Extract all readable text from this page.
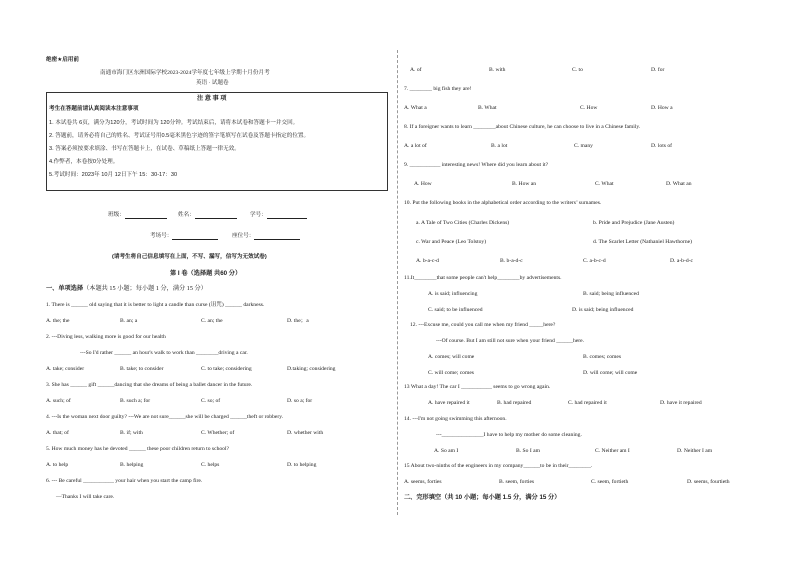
绝密★启用前
南通市海门区东洲国际学校2023-2024学年度七年级上学期十月份月考
英语 · 试题卷
注 意 事 项
考生在答题前请认真阅读本注意事项
1. 本试卷共 6页，满分为120分，考试时间为 120分钟。考试结束后，请将本试卷和答题卡一并交回。
2. 答题前，请务必将自己的姓名、考试证号用0.5毫米黑色字迹的签字笔填写在试卷及答题卡指定的位置。
3. 答案必须按要求填涂、书写在答题卡上，在试卷、草稿纸上答题一律无效。
4.作弊者，本卷按0分处理。
5.考试时间：2023年 10月 12日下午 15：30-17：30
班级：	姓名：	学号：
考场号：	座位号：
(请考生将自己信息填写在上面，不写、漏写，信写为无效试卷)
第 I 卷（选择题 共60 分）
一、单项选择（本题共 15 小题；每小题 1 分，满分 15 分）
1. There is ______ old saying that it is better to light a candle than curse (诅咒) ______ darkness.
A. the; the	B. an; a	C. an; the	D. the；a
2. ---Diving less, walking more is good for our health
---So I'd rather ______ an hour's walk to work than ________driving a car.
A. take; consider	B. take; to consider	C. to take; considering	D.taking; considering
3. She has ______ gift ______dancing that she dreams of being a ballet dancer in the future.
A. such; of	B. such a; for	C. so; of	D. so a; for
4. ---Is the woman next door guilty? ---We are not sure______she will be charged ______theft or robbery.
A. that; of	B. if; with	C. Whether; of	D. whether with
5. How much money has he devoted ______ these poor children return to school?
A. to help	B. helping	C. helps	D. to helping
6. --- Be careful ___________ your hair when you start the camp fire.
—Thanks I will take care.
A. of	B. with	C. to	D. for
7. ________ big fish they are!
A. What a	B. What	C. How	D. How a
8. If a foreigner wants to learn ________about Chinese culture, he can choose to live in a Chinese family.
A. a lot of	B. a lot	C. many	D. lots of
9. ___________ interesting news! Where did you learn about it?
A. How	B. How an	C. What	D. What an
10. Put the following books in the alphabetical order according to the writers’ surnames.
a. A Tale of Two Cities (Charles Dickens)	b. Pride and Prejudice (Jane Austen)
c. War and Peace (Leo Tolstoy)	d. The Scarlet Letter (Nathaniel Hawthorne)
A. b-a-c-d	B. b-a-d-c	C. a-b-c-d	D. a-b-d-c
11.It________that some people can't help________by advertisements.
A. is said; influencing	B. said; being influenced
C. said; to be influenced	D. is said; being influenced
12. ---Excuse me, could you call me when my friend _____here?
---Of course. But I am still not sure when your friend ______here.
A. comes; will come	B. comes; comes
C. will come; comes	D. will come; will come
13 What a day! The car I ___________ seems to go wrong again.
A. have repaired it	B. had repaired	C. had repaired it	D. have it repaired
14. ---I'm not going swimming this afternoon.
---_______________I have to help my mother do some cleaning.
A. So am I	B. So I am	C. Neither am I	D. Neither I am
15 About two-ninths of the engineers in my company______to be in their________.
A. seems, forties	B. seem, forties	C. seem, fortieth	D. seems, fourtieth
二、完形填空（共 10 小题；每小题 1.5 分，满分 15 分）
